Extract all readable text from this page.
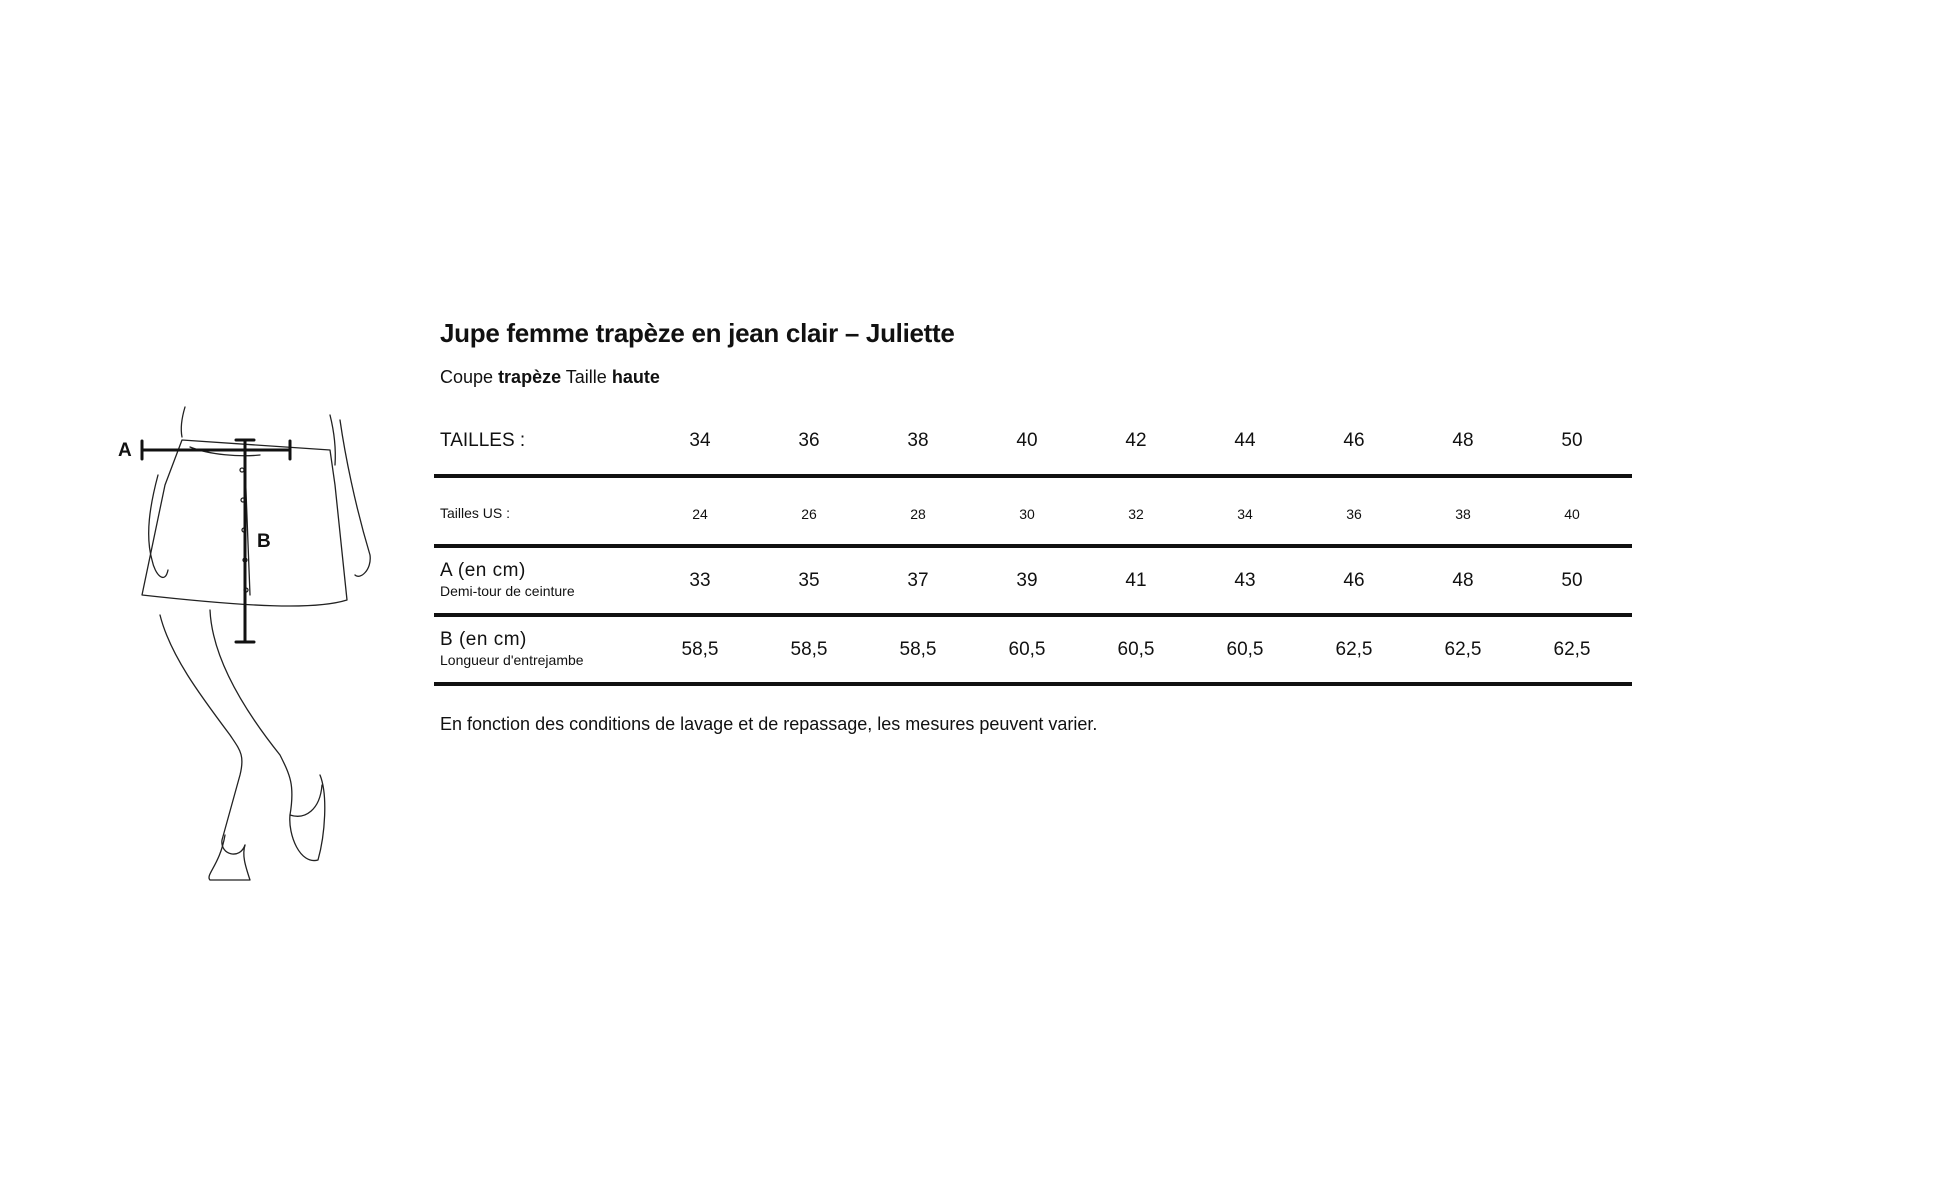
A
B
Jupe femme trapèze en jean clair – Juliette
Coupe trapèze Taille haute
TAILLES :	34	36	38	40	42	44	46	48	50
Tailles US :	24	26	28	30	32	34	36	38	40
A (en cm)
Demi-tour de ceinture	33	35	37	39	41	43	46	48	50
B (en cm)
Longueur d'entrejambe	58,5	58,5	58,5	60,5	60,5	60,5	62,5	62,5	62,5
En fonction des conditions de lavage et de repassage, les mesures peuvent varier.
